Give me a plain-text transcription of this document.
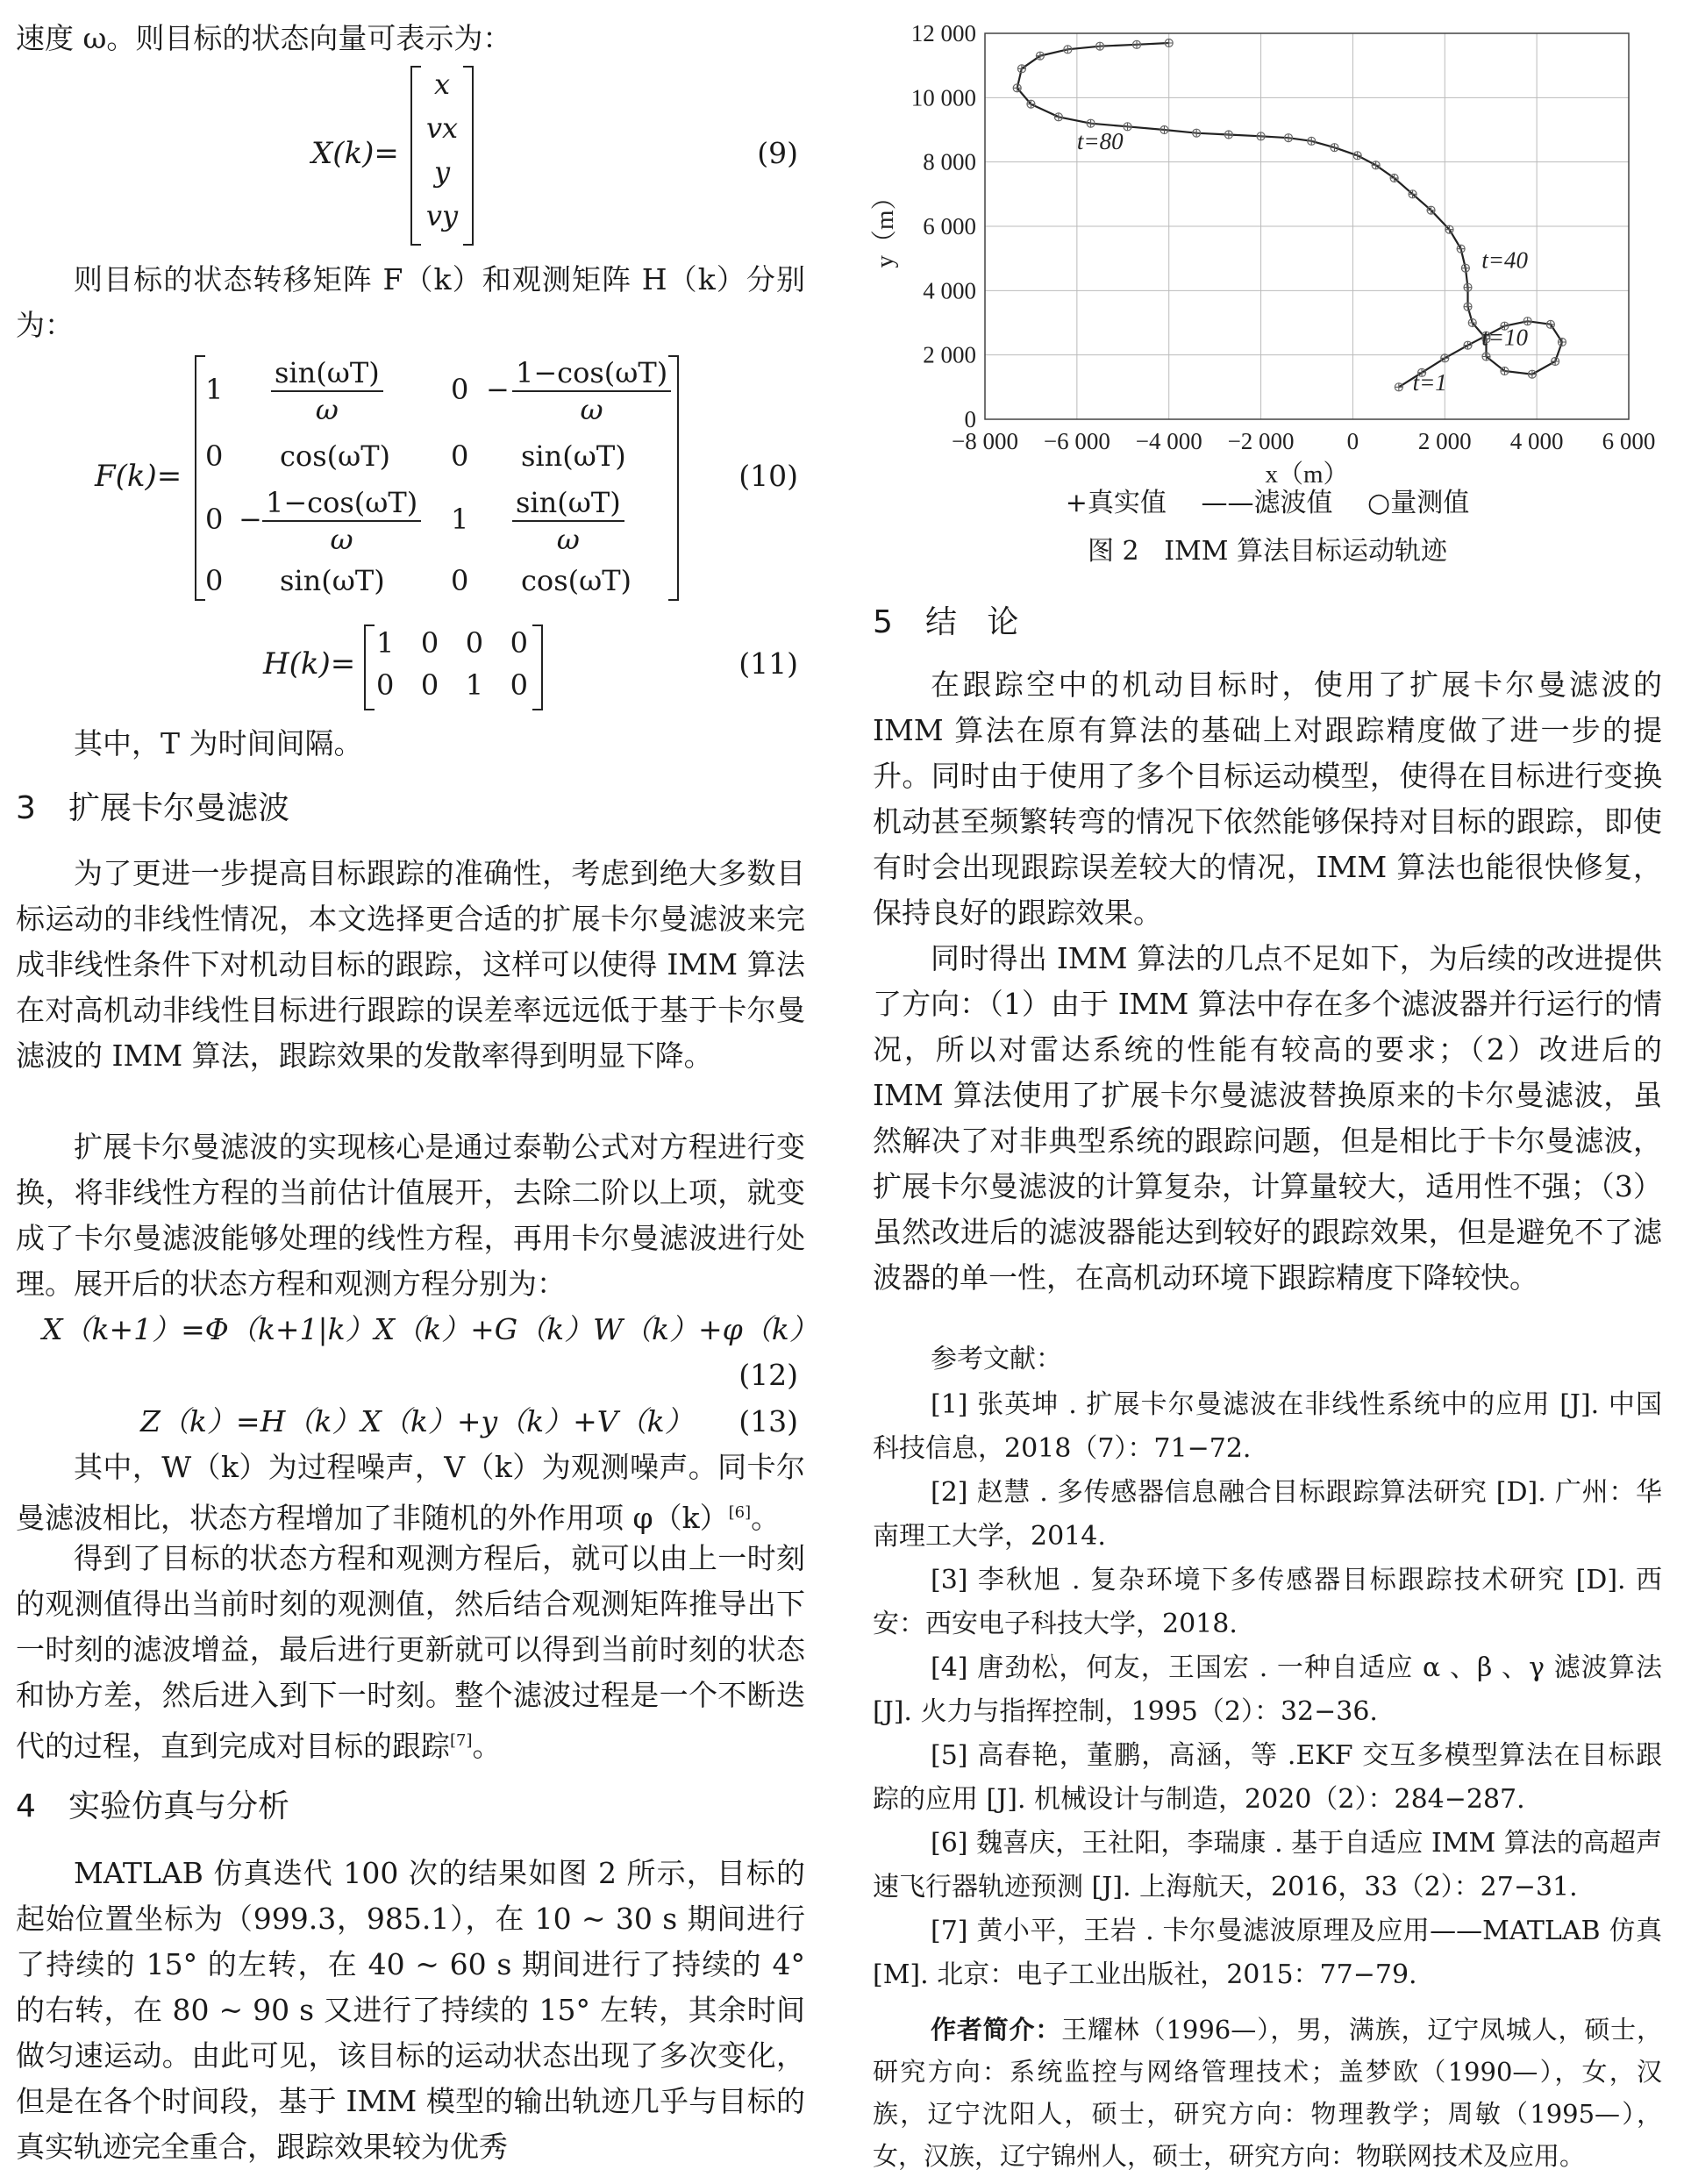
速度 ω。则目标的状态向量可表示为：

X(k)=
x
vx
y
vy
(9)

则目标的状态转移矩阵 F（k）和观测矩阵 H（k）分别为：

F(k)=
$1 \frac{\sin(\omega T)}{\omega} 0 - \frac{1-\cos(\omega T)}{\omega}$
0 cos(ωT) 0 sin(ωT)
$0 - \frac{1-\cos(\omega T)}{\omega} 1 \frac{\sin(\omega T)}{\omega}$
0 sin(ωT) 0 cos(ωT)
(10)
H(k)=
1   0   0   0
0   0   1   0
(11)

其中，T 为时间间隔。

3 扩展卡尔曼滤波

为了更进一步提高目标跟踪的准确性，考虑到绝大多数目标运动的非线性情况，本文选择更合适的扩展卡尔曼滤波来完成非线性条件下对机动目标的跟踪，这样可以使得 IMM 算法在对高机动非线性目标进行跟踪的误差率远远低于基于卡尔曼滤波的 IMM 算法，跟踪效果的发散率得到明显下降。

扩展卡尔曼滤波的实现核心是通过泰勒公式对方程进行变换，将非线性方程的当前估计值展开，去除二阶以上项，就变成了卡尔曼滤波能够处理的线性方程，再用卡尔曼滤波进行处理。展开后的状态方程和观测方程分别为：

X（k+1）=Φ（k+1|k）X（k）+G（k）W（k）+φ（k）
(12)
Z（k）=H（k）X（k）+y（k）+V（k） (13)

其中，W（k）为过程噪声，V（k）为观测噪声。同卡尔曼滤波相比，状态方程增加了非随机的外作用项 φ（k）[6]。

得到了目标的状态方程和观测方程后，就可以由上一时刻的观测值得出当前时刻的观测值，然后结合观测矩阵推导出下一时刻的滤波增益，最后进行更新就可以得到当前时刻的状态和协方差，然后进入到下一时刻。整个滤波过程是一个不断迭代的过程，直到完成对目标的跟踪[7]。

4 实验仿真与分析

MATLAB 仿真迭代 100 次的结果如图 2 所示，目标的起始位置坐标为（999.3，985.1），在 10 ~ 30 s 期间进行了持续的 15° 的左转，在 40 ~ 60 s 期间进行了持续的 4° 的右转，在 80 ~ 90 s 又进行了持续的 15° 左转，其余时间做匀速运动。由此可见，该目标的运动状态出现了多次变化，但是在各个时间段，基于 IMM 模型的输出轨迹几乎与目标的真实轨迹完全重合，跟踪效果较为优秀

−8 000 −6 000 −4 000 −2 000 0	2 000 4 000 6 000
0
2 000
4 000
6 000
8 000
10 000
12 000
x（m）
y（m）
t=80
t=40
t=10
t=1
+真实值 ——滤波值 ○量测值
图 2   IMM 算法目标运动轨迹
5 结   论

在跟踪空中的机动目标时，使用了扩展卡尔曼滤波的 IMM 算法在原有算法的基础上对跟踪精度做了进一步的提升。同时由于使用了多个目标运动模型，使得在目标进行变换机动甚至频繁转弯的情况下依然能够保持对目标的跟踪，即使有时会出现跟踪误差较大的情况，IMM 算法也能很快修复，保持良好的跟踪效果。

同时得出 IMM 算法的几点不足如下，为后续的改进提供了方向：（1）由于 IMM 算法中存在多个滤波器并行运行的情况，所以对雷达系统的性能有较高的要求；（2）改进后的 IMM 算法使用了扩展卡尔曼滤波替换原来的卡尔曼滤波，虽然解决了对非典型系统的跟踪问题，但是相比于卡尔曼滤波，扩展卡尔曼滤波的计算复杂，计算量较大，适用性不强；（3）虽然改进后的滤波器能达到较好的跟踪效果，但是避免不了滤波器的单一性，在高机动环境下跟踪精度下降较快。

参考文献：

[1] 张英坤 . 扩展卡尔曼滤波在非线性系统中的应用 [J]. 中国科技信息，2018（7）：71−72.

[2] 赵慧 . 多传感器信息融合目标跟踪算法研究 [D]. 广州：华南理工大学，2014.

[3] 李秋旭 . 复杂环境下多传感器目标跟踪技术研究 [D]. 西安：西安电子科技大学，2018.

[4] 唐劲松，何友，王国宏 . 一种自适应 α 、β 、γ 滤波算法 [J]. 火力与指挥控制，1995（2）：32−36.

[5] 高春艳，董鹏，高涵，等 .EKF 交互多模型算法在目标跟踪的应用 [J]. 机械设计与制造，2020（2）：284−287.

[6] 魏喜庆，王社阳，李瑞康 . 基于自适应 IMM 算法的高超声速飞行器轨迹预测 [J]. 上海航天，2016，33（2）：27−31.

[7] 黄小平，王岩 . 卡尔曼滤波原理及应用——MATLAB 仿真 [M]. 北京：电子工业出版社，2015：77−79.

作者简介：王耀林（1996—），男，满族，辽宁凤城人，硕士，研究方向：系统监控与网络管理技术；盖梦欧（1990—），女，汉族，辽宁沈阳人，硕士，研究方向：物理教学；周敏（1995—），女，汉族，辽宁锦州人，硕士，研究方向：物联网技术及应用。
